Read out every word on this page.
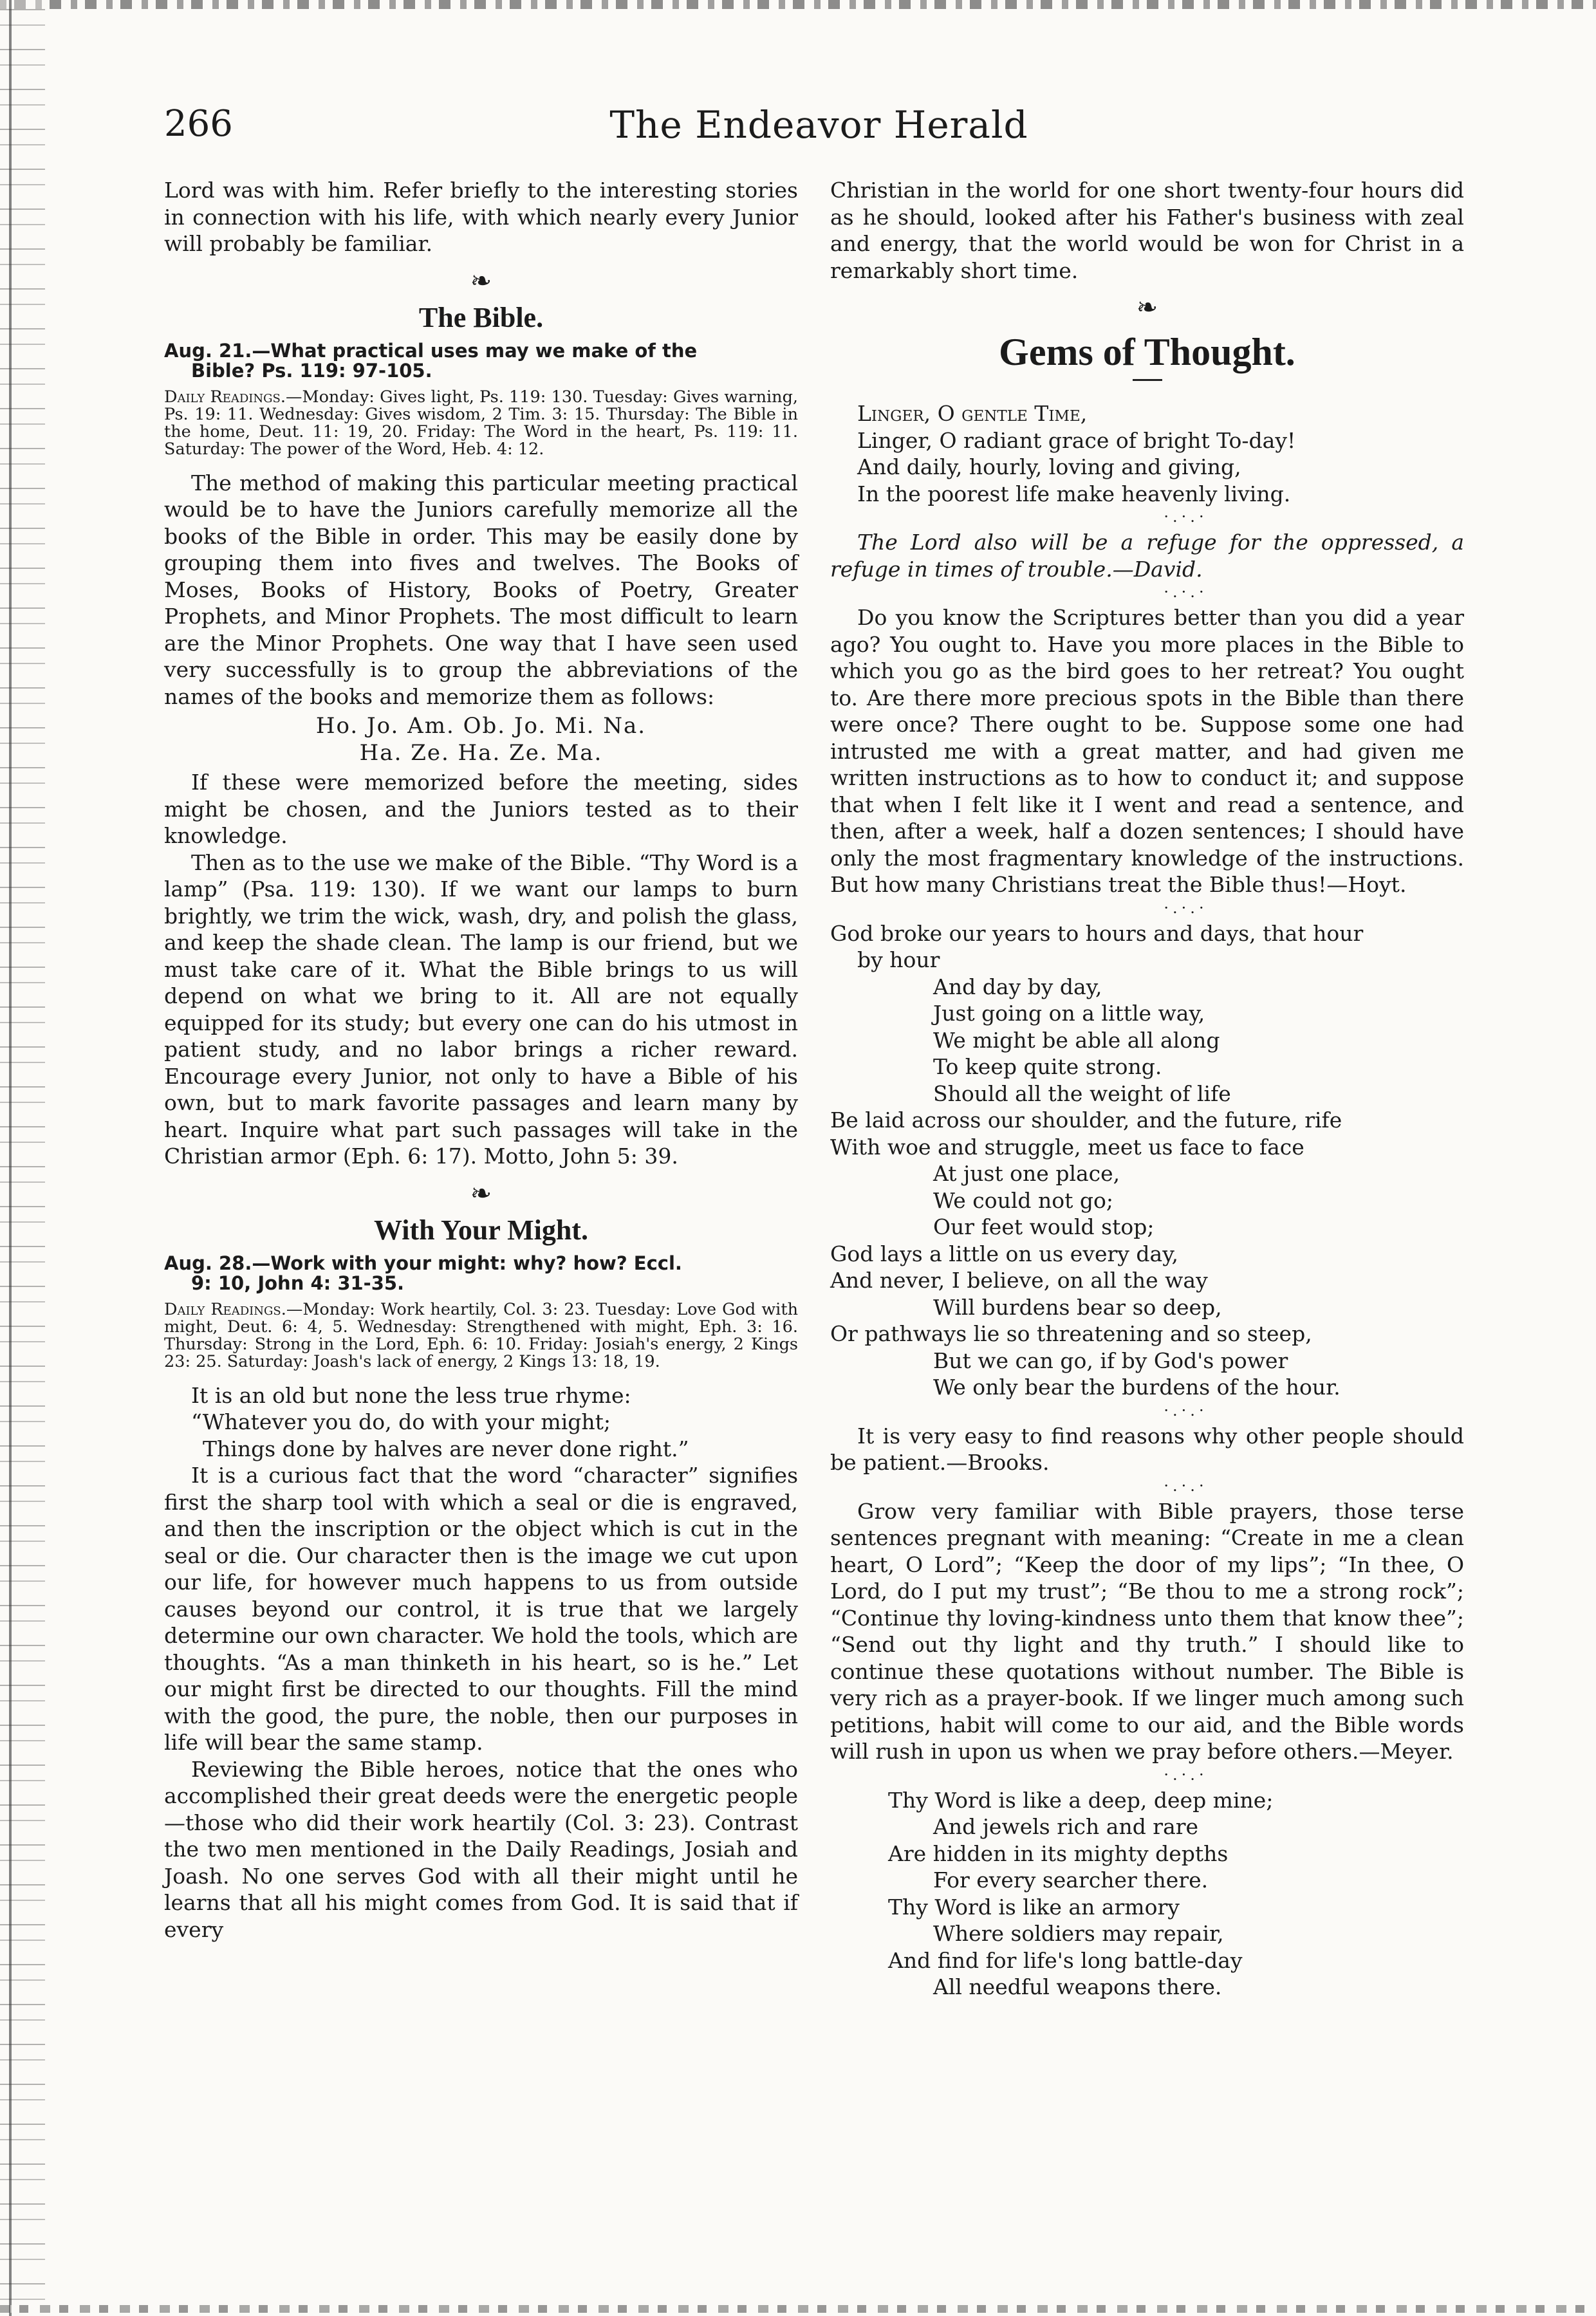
266	The Endeavor Herald

Lord was with him. Refer briefly to the interesting stories in connection with his life, with which nearly every Junior will probably be familiar.

❧
The Bible.

Aug. 21.—What practical uses may we make of the
Bible? Ps. 119: 97-105.

Daily Readings.—Monday: Gives light, Ps. 119: 130. Tuesday: Gives warning, Ps. 19: 11. Wednesday: Gives wisdom, 2 Tim. 3: 15. Thursday: The Bible in the home, Deut. 11: 19, 20. Friday: The Word in the heart, Ps. 119: 11. Saturday: The power of the Word, Heb. 4: 12.

The method of making this particular meeting practical would be to have the Juniors carefully memorize all the books of the Bible in order. This may be easily done by grouping them into fives and twelves. The Books of Moses, Books of History, Books of Poetry, Greater Prophets, and Minor Prophets. The most difficult to learn are the Minor Prophets. One way that I have seen used very successfully is to group the abbreviations of the names of the books and memorize them as follows:

Ho. Jo. Am. Ob. Jo. Mi. Na.
Ha. Ze. Ha. Ze. Ma.

If these were memorized before the meeting, sides might be chosen, and the Juniors tested as to their knowledge.

Then as to the use we make of the Bible. “Thy Word is a lamp” (Psa. 119: 130). If we want our lamps to burn brightly, we trim the wick, wash, dry, and polish the glass, and keep the shade clean. The lamp is our friend, but we must take care of it. What the Bible brings to us will depend on what we bring to it. All are not equally equipped for its study; but every one can do his utmost in patient study, and no labor brings a richer reward. Encourage every Junior, not only to have a Bible of his own, but to mark favorite passages and learn many by heart. Inquire what part such passages will take in the Christian armor (Eph. 6: 17). Motto, John 5: 39.

❧
With Your Might.

Aug. 28.—Work with your might: why? how? Eccl.
9: 10, John 4: 31-35.

Daily Readings.—Monday: Work heartily, Col. 3: 23. Tuesday: Love God with might, Deut. 6: 4, 5. Wednesday: Strengthened with might, Eph. 3: 16. Thursday: Strong in the Lord, Eph. 6: 10. Friday: Josiah's energy, 2 Kings 23: 25. Saturday: Joash's lack of energy, 2 Kings 13: 18, 19.

It is an old but none the less true rhyme:

“Whatever you do, do with your might;
Things done by halves are never done right.”

It is a curious fact that the word “character” signifies first the sharp tool with which a seal or die is engraved, and then the inscription or the object which is cut in the seal or die. Our character then is the image we cut upon our life, for however much happens to us from outside causes beyond our control, it is true that we largely determine our own character. We hold the tools, which are thoughts. “As a man thinketh in his heart, so is he.” Let our might first be directed to our thoughts. Fill the mind with the good, the pure, the noble, then our purposes in life will bear the same stamp.

Reviewing the Bible heroes, notice that the ones who accomplished their great deeds were the energetic people—those who did their work heartily (Col. 3: 23). Contrast the two men mentioned in the Daily Readings, Josiah and Joash. No one serves God with all their might until he learns that all his might comes from God. It is said that if every

Christian in the world for one short twenty-four hours did as he should, looked after his Father's business with zeal and energy, that the world would be won for Christ in a remarkably short time.

❧
Gems of Thought.
Linger, O gentle Time,
Linger, O radiant grace of bright To-day!
And daily, hourly, loving and giving,
In the poorest life make heavenly living.
·.·.·

The Lord also will be a refuge for the oppressed, a refuge in times of trouble.—David.

·.·.·

Do you know the Scriptures better than you did a year ago? You ought to. Have you more places in the Bible to which you go as the bird goes to her retreat? You ought to. Are there more precious spots in the Bible than there were once? There ought to be. Suppose some one had intrusted me with a great matter, and had given me written instructions as to how to conduct it; and suppose that when I felt like it I went and read a sentence, and then, after a week, half a dozen sentences; I should have only the most fragmentary knowledge of the instructions. But how many Christians treat the Bible thus!—Hoyt.

·.·.·
God broke our years to hours and days, that hour
by hour
And day by day,
Just going on a little way,
We might be able all along
To keep quite strong.
Should all the weight of life
Be laid across our shoulder, and the future, rife
With woe and struggle, meet us face to face
At just one place,
We could not go;
Our feet would stop;
God lays a little on us every day,
And never, I believe, on all the way
Will burdens bear so deep,
Or pathways lie so threatening and so steep,
But we can go, if by God's power
We only bear the burdens of the hour.
·.·.·

It is very easy to find reasons why other people should be patient.—Brooks.

·.·.·

Grow very familiar with Bible prayers, those terse sentences pregnant with meaning: “Create in me a clean heart, O Lord”; “Keep the door of my lips”; “In thee, O Lord, do I put my trust”; “Be thou to me a strong rock”; “Continue thy loving-kindness unto them that know thee”; “Send out thy light and thy truth.” I should like to continue these quotations without number. The Bible is very rich as a prayer-book. If we linger much among such petitions, habit will come to our aid, and the Bible words will rush in upon us when we pray before others.—Meyer.

·.·.·
Thy Word is like a deep, deep mine;
And jewels rich and rare
Are hidden in its mighty depths
For every searcher there.
Thy Word is like an armory
Where soldiers may repair,
And find for life's long battle-day
All needful weapons there.
